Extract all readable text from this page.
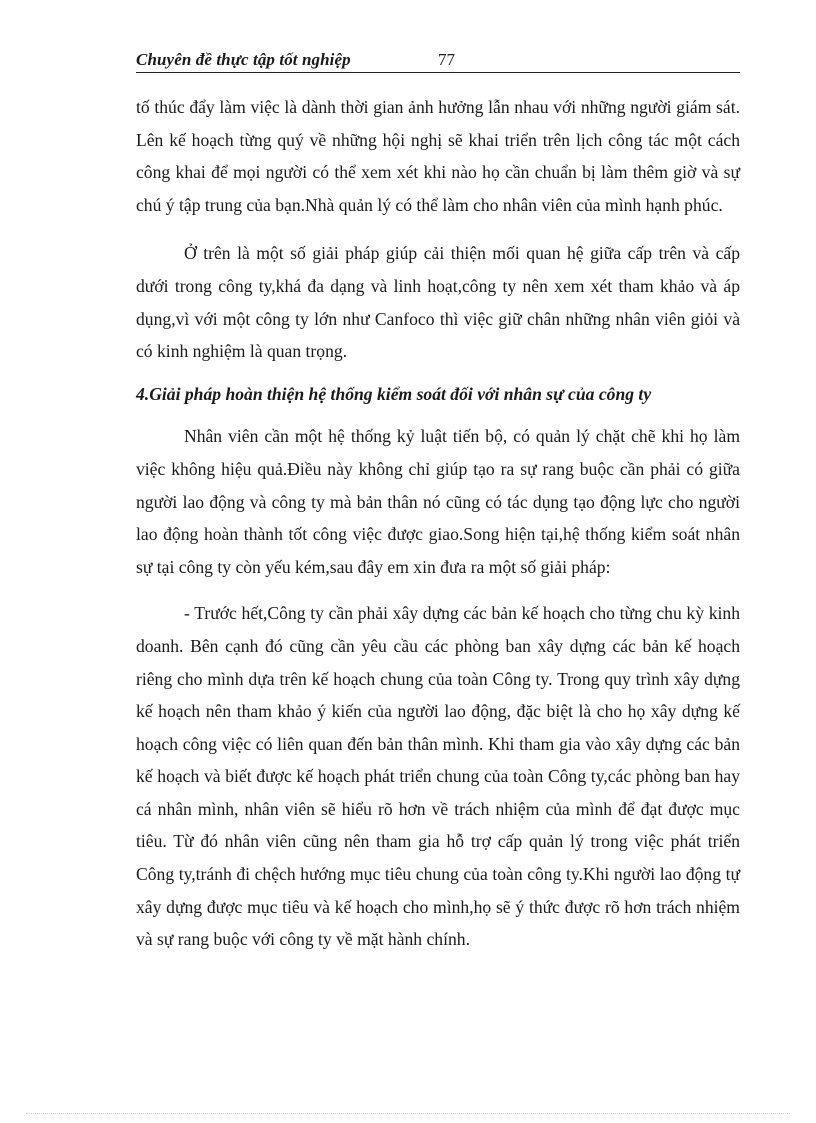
Chuyên đề thực tập tốt nghiệp	77

tố thúc đẩy làm việc là dành thời gian ảnh hưởng lẫn nhau với những người giám sát. Lên kế hoạch từng quý về những hội nghị sẽ khai triển trên lịch công tác một cách công khai để mọi người có thể xem xét khi nào họ cần chuẩn bị làm thêm giờ và sự chú ý tập trung của bạn.Nhà quản lý có thể làm cho nhân viên của mình hạnh phúc.

Ở trên là một số giải pháp giúp cải thiện mối quan hệ giữa cấp trên và cấp dưới trong công ty,khá đa dạng và linh hoạt,công ty nên xem xét tham khảo và áp dụng,vì với một công ty lớn như Canfoco thì việc giữ chân những nhân viên giỏi và có kinh nghiệm là quan trọng.

4.Giải pháp hoàn thiện hệ thống kiểm soát đối với nhân sự của công ty

Nhân viên cần một hệ thống kỷ luật tiến bộ, có quản lý chặt chẽ khi họ làm việc không hiệu quả.Điều này không chỉ giúp tạo ra sự rang buộc cần phải có giữa người lao động và công ty mà bản thân nó cũng có tác dụng tạo động lực cho người lao động hoàn thành tốt công việc được giao.Song hiện tại,hệ thống kiểm soát nhân sự tại công ty còn yếu kém,sau đây em xin đưa ra một số giải pháp:

- Trước hết,Công ty cần phải xây dựng các bản kế hoạch cho từng chu kỳ kinh doanh. Bên cạnh đó cũng cần yêu cầu các phòng ban xây dựng các bản kế hoạch riêng cho mình dựa trên kế hoạch chung của toàn Công ty. Trong quy trình xây dựng kế hoạch nên tham khảo ý kiến của người lao động, đặc biệt là cho họ xây dựng kế hoạch công việc có liên quan đến bản thân mình. Khi tham gia vào xây dựng các bản kế hoạch và biết được kế hoạch phát triển chung của toàn Công ty,các phòng ban hay cá nhân mình, nhân viên sẽ hiểu rõ hơn về trách nhiệm của mình để đạt được mục tiêu. Từ đó nhân viên cũng nên tham gia hỗ trợ cấp quản lý trong việc phát triển Công ty,tránh đi chệch hướng mục tiêu chung của toàn công ty.Khi người lao động tự xây dựng được mục tiêu và kế hoạch cho mình,họ sẽ ý thức được rõ hơn trách nhiệm và sự rang buộc với công ty về mặt hành chính.
